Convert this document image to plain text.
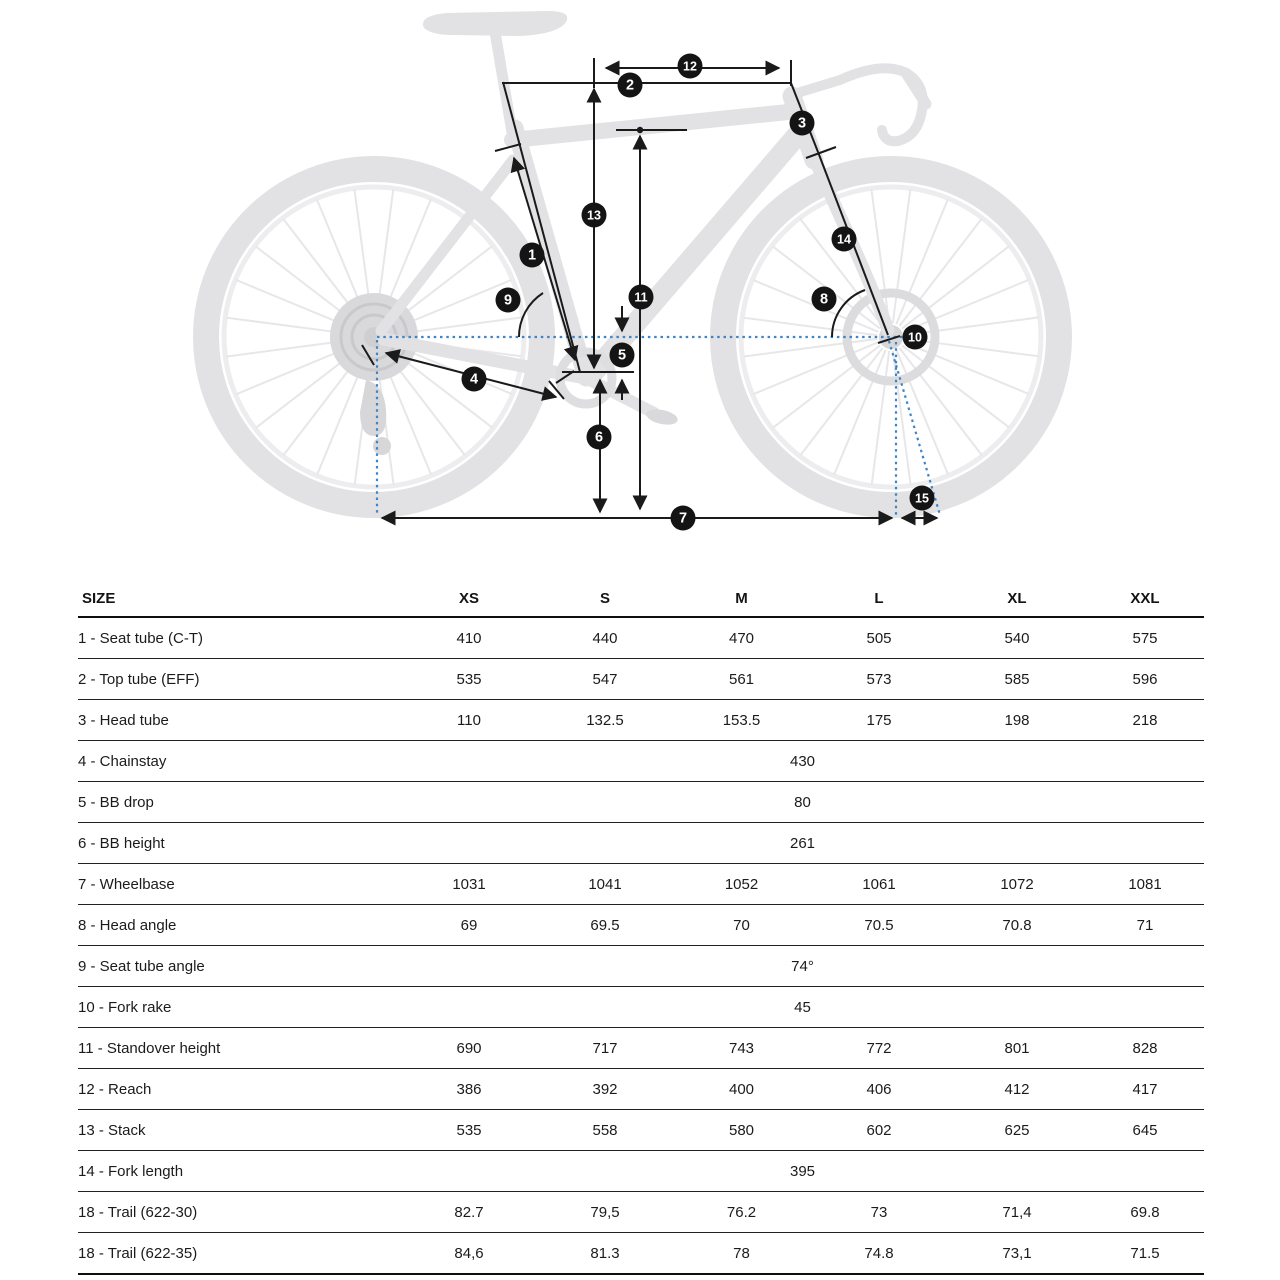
1
2
3
4
5
6
7
8
9
10
11
12
13
14
15
SIZE	XS	S	M	L	XL	XXL
1 - Seat tube (C-T)	410	440	470	505	540	575
2 - Top tube (EFF)	535	547	561	573	585	596
3 - Head tube	110	132.5	153.5	175	198	218
4 - Chainstay	430					
5 - BB drop	80					
6 - BB height	261					
7 - Wheelbase	1031	1041	1052	1061	1072	1081
8 - Head angle	69	69.5	70	70.5	70.8	71
9 - Seat tube angle	74°					
10 - Fork rake	45					
11 - Standover height	690	717	743	772	801	828
12 - Reach	386	392	400	406	412	417
13 - Stack	535	558	580	602	625	645
14 - Fork length	395					
18 - Trail (622-30)	82.7	79,5	76.2	73	71,4	69.8
18 - Trail (622-35)	84,6	81.3	78	74.8	73,1	71.5
